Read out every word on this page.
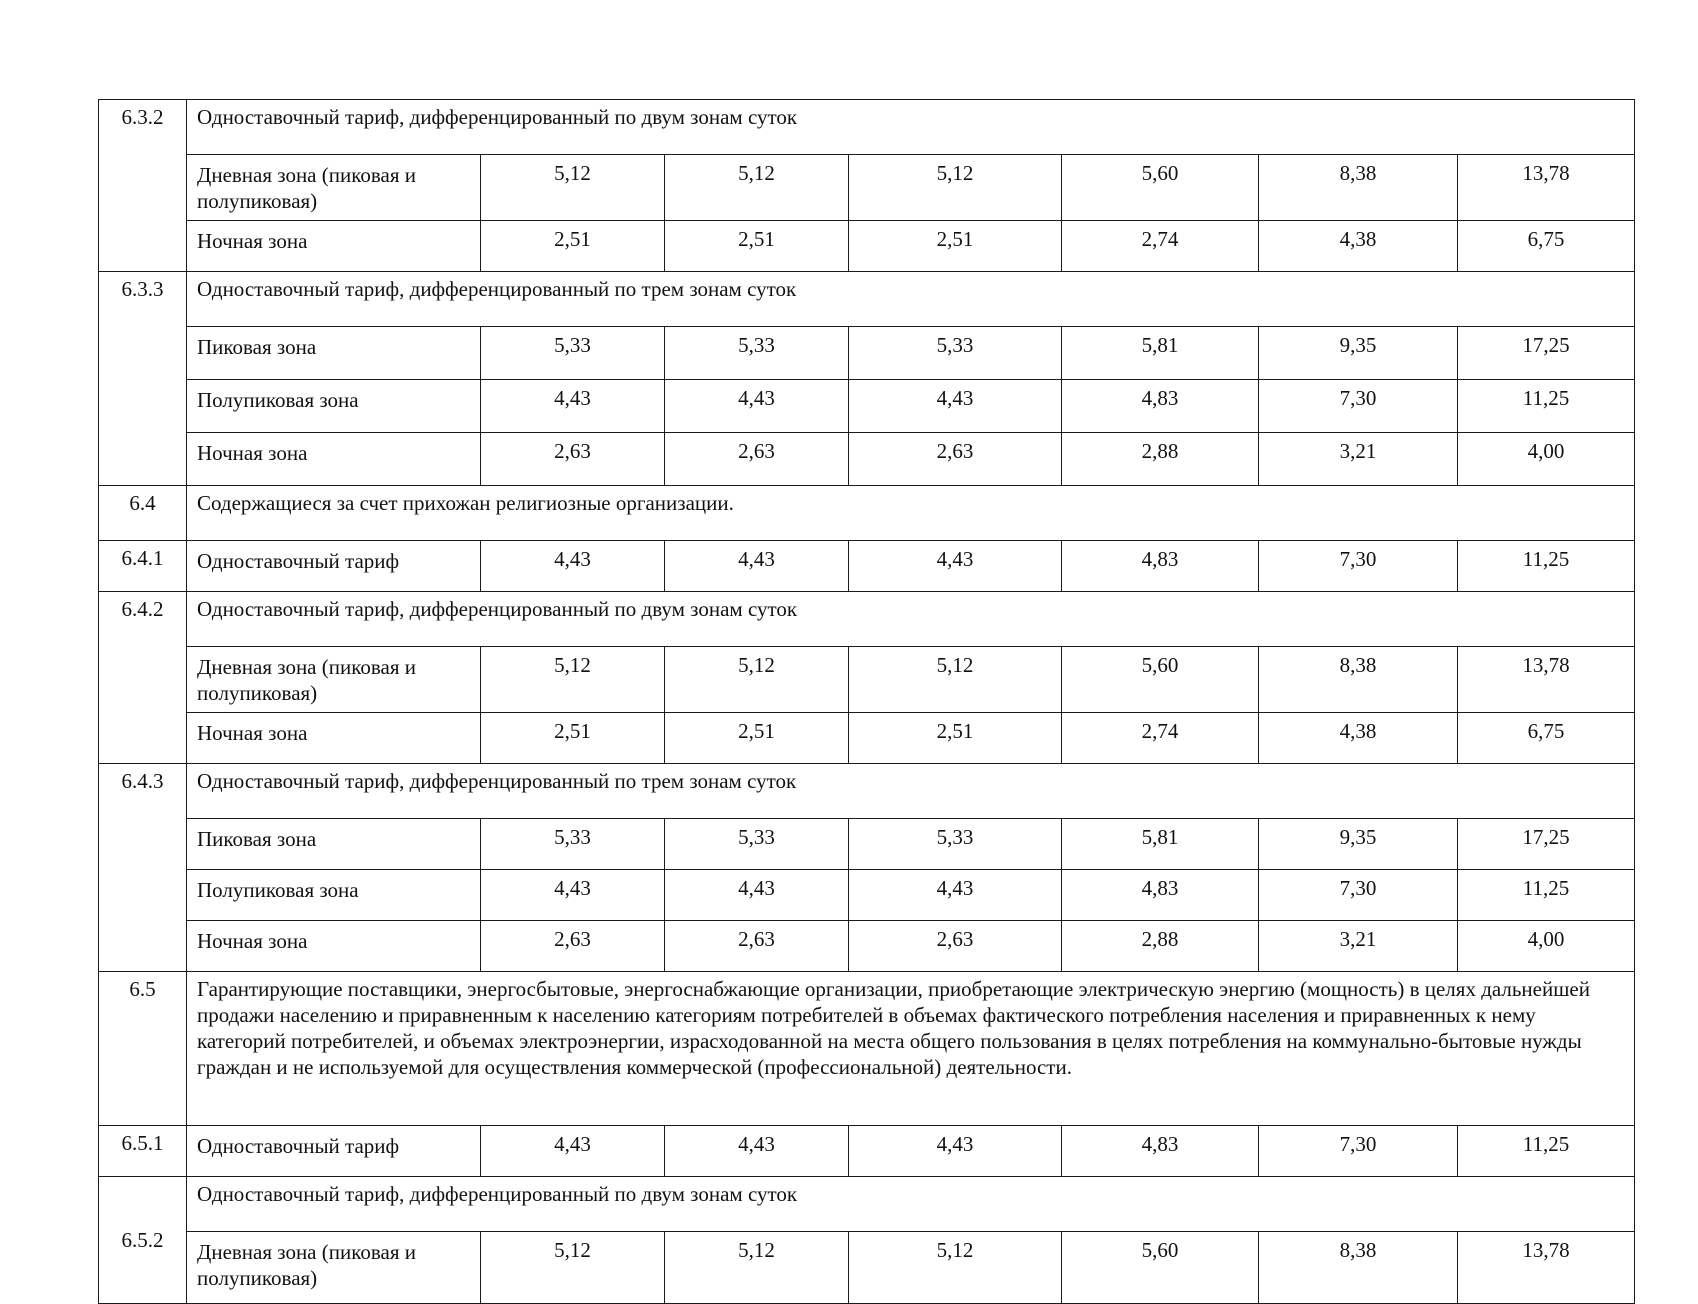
6.3.2	Одноставочный тариф, дифференцированный по двум зонам суток						
	Дневная зона (пиковая и полупиковая)	5,12	5,12	5,12	5,60	8,38	13,78
	Ночная зона	2,51	2,51	2,51	2,74	4,38	6,75
6.3.3	Одноставочный тариф, дифференцированный по трем зонам суток						
	Пиковая зона	5,33	5,33	5,33	5,81	9,35	17,25
	Полупиковая зона	4,43	4,43	4,43	4,83	7,30	11,25
	Ночная зона	2,63	2,63	2,63	2,88	3,21	4,00
6.4	Содержащиеся за счет прихожан религиозные организации.						
6.4.1	Одноставочный тариф	4,43	4,43	4,43	4,83	7,30	11,25
6.4.2	Одноставочный тариф, дифференцированный по двум зонам суток						
	Дневная зона (пиковая и полупиковая)	5,12	5,12	5,12	5,60	8,38	13,78
	Ночная зона	2,51	2,51	2,51	2,74	4,38	6,75
6.4.3	Одноставочный тариф, дифференцированный по трем зонам суток						
	Пиковая зона	5,33	5,33	5,33	5,81	9,35	17,25
	Полупиковая зона	4,43	4,43	4,43	4,83	7,30	11,25
	Ночная зона	2,63	2,63	2,63	2,88	3,21	4,00
6.5	Гарантирующие поставщики, энергосбытовые, энергоснабжающие организации, приобретающие электрическую энергию (мощность) в целях дальнейшей продажи населению и приравненным к населению категориям потребителей в объемах фактического потребления населения и приравненных к нему категорий потребителей, и объемах электроэнергии, израсходованной на места общего пользования в целях потребления на коммунально-бытовые нужды граждан и не используемой для осуществления коммерческой (профессиональной) деятельности.						
6.5.1	Одноставочный тариф	4,43	4,43	4,43	4,83	7,30	11,25
6.5.2	Одноставочный тариф, дифференцированный по двум зонам суток						
	Дневная зона (пиковая и полупиковая)	5,12	5,12	5,12	5,60	8,38	13,78
